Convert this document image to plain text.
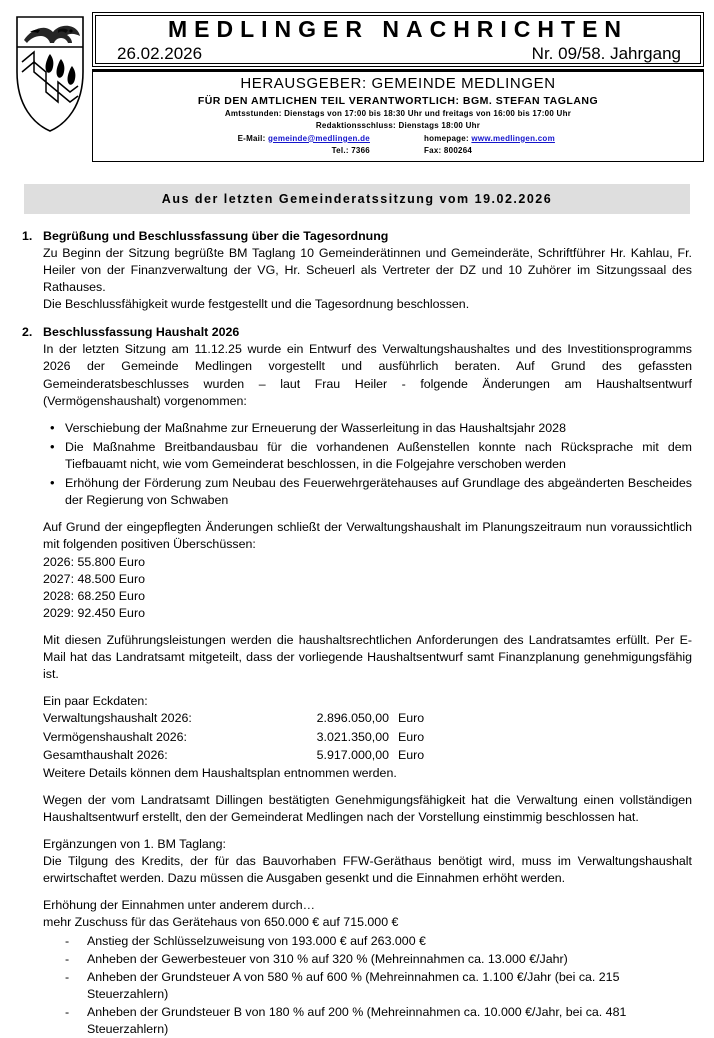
MEDLINGER NACHRICHTEN
26.02.2026	Nr. 09/58. Jahrgang
HERAUSGEBER: GEMEINDE MEDLINGEN
FÜR DEN AMTLICHEN TEIL VERANTWORTLICH: BGM. STEFAN TAGLANG
Amtsstunden: Dienstags von 17:00 bis 18:30 Uhr und freitags von 16:00 bis 17:00 Uhr
Redaktionsschluss: Dienstags 18:00 Uhr
E-Mail: gemeinde@medlingen.de	homepage: www.medlingen.com
Tel.: 7366	Fax: 800264
Aus der letzten Gemeinderatssitzung vom 19.02.2026
1. Begrüßung und Beschlussfassung über die Tagesordnung

Zu Beginn der Sitzung begrüßte BM Taglang 10 Gemeinderätinnen und Gemeinderäte, Schriftführer Hr. Kahlau, Fr. Heiler von der Finanzverwaltung der VG, Hr. Scheuerl als Vertreter der DZ und 10 Zuhörer im Sitzungssaal des Rathauses.

Die Beschlussfähigkeit wurde festgestellt und die Tagesordnung beschlossen.

2. Beschlussfassung Haushalt 2026

In der letzten Sitzung am 11.12.25 wurde ein Entwurf des Verwaltungshaushaltes und des Investitionsprogramms 2026 der Gemeinde Medlingen vorgestellt und ausführlich beraten. Auf Grund des gefassten Gemeinderatsbeschlusses wurden – laut Frau Heiler - folgende Änderungen am Haushaltsentwurf (Vermögenshaushalt) vorgenommen:

• Verschiebung der Maßnahme zur Erneuerung der Wasserleitung in das Haushaltsjahr 2028
• Die Maßnahme Breitbandausbau für die vorhandenen Außenstellen konnte nach Rücksprache mit dem Tiefbauamt nicht, wie vom Gemeinderat beschlossen, in die Folgejahre verschoben werden
• Erhöhung der Förderung zum Neubau des Feuerwehrgerätehauses auf Grundlage des abgeänderten Bescheides der Regierung von Schwaben

Auf Grund der eingepflegten Änderungen schließt der Verwaltungshaushalt im Planungszeitraum nun voraussichtlich mit folgenden positiven Überschüssen:

2026: 55.800 Euro

2027: 48.500 Euro

2028: 68.250 Euro

2029: 92.450 Euro

Mit diesen Zuführungsleistungen werden die haushaltsrechtlichen Anforderungen des Landratsamtes erfüllt. Per E-Mail hat das Landratsamt mitgeteilt, dass der vorliegende Haushaltsentwurf samt Finanzplanung genehmigungsfähig ist.

Ein paar Eckdaten:

Verwaltungshaushalt 2026:	2.896.050,00	Euro
Vermögenshaushalt 2026:	3.021.350,00	Euro
Gesamthaushalt 2026:	5.917.000,00	Euro

Weitere Details können dem Haushaltsplan entnommen werden.

Wegen der vom Landratsamt Dillingen bestätigten Genehmigungsfähigkeit hat die Verwaltung einen vollständigen Haushaltsentwurf erstellt, den der Gemeinderat Medlingen nach der Vorstellung einstimmig beschlossen hat.

Ergänzungen von 1. BM Taglang:

Die Tilgung des Kredits, der für das Bauvorhaben FFW-Geräthaus benötigt wird, muss im Verwaltungshaushalt erwirtschaftet werden. Dazu müssen die Ausgaben gesenkt und die Einnahmen erhöht werden.

Erhöhung der Einnahmen unter anderem durch…

mehr Zuschuss für das Gerätehaus von 650.000 € auf 715.000 €

- Anstieg der Schlüsselzuweisung von 193.000 € auf 263.000 €
- Anheben der Gewerbesteuer von 310 % auf 320 % (Mehreinnahmen ca. 13.000 €/Jahr)
- Anheben der Grundsteuer A von 580 % auf 600 % (Mehreinnahmen ca. 1.100 €/Jahr (bei ca. 215 Steuerzahlern)
- Anheben der Grundsteuer B von 180 % auf 200 % (Mehreinnahmen ca. 10.000 €/Jahr, bei ca. 481 Steuerzahlern)
